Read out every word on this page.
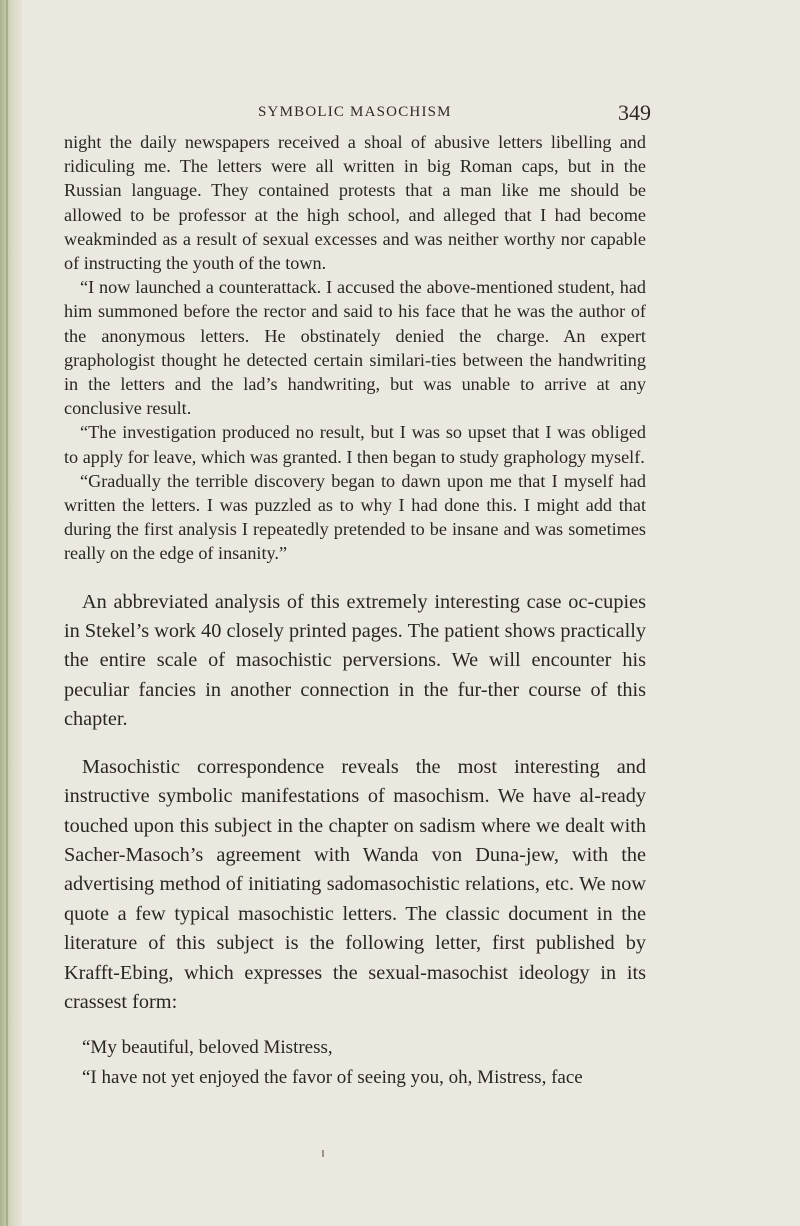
SYMBOLIC MASOCHISM	349

night the daily newspapers received a shoal of abusive letters libelling and ridiculing me. The letters were all written in big Roman caps, but in the Russian language. They contained protests that a man like me should be allowed to be professor at the high school, and alleged that I had become weakminded as a result of sexual excesses and was neither worthy nor capable of instructing the youth of the town.

“I now launched a counterattack. I accused the above-mentioned student, had him summoned before the rector and said to his face that he was the author of the anonymous letters. He obstinately denied the charge. An expert graphologist thought he detected certain similari-ties between the handwriting in the letters and the lad’s handwriting, but was unable to arrive at any conclusive result.

“The investigation produced no result, but I was so upset that I was obliged to apply for leave, which was granted. I then began to study graphology myself.

“Gradually the terrible discovery began to dawn upon me that I myself had written the letters. I was puzzled as to why I had done this. I might add that during the first analysis I repeatedly pretended to be insane and was sometimes really on the edge of insanity.”

An abbreviated analysis of this extremely interesting case oc-cupies in Stekel’s work 40 closely printed pages. The patient shows practically the entire scale of masochistic perversions. We will encounter his peculiar fancies in another connection in the fur-ther course of this chapter.

Masochistic correspondence reveals the most interesting and instructive symbolic manifestations of masochism. We have al-ready touched upon this subject in the chapter on sadism where we dealt with Sacher-Masoch’s agreement with Wanda von Duna-jew, with the advertising method of initiating sadomasochistic relations, etc. We now quote a few typical masochistic letters. The classic document in the literature of this subject is the following letter, first published by Krafft-Ebing, which expresses the sexual-masochist ideology in its crassest form:

“My beautiful, beloved Mistress,

“I have not yet enjoyed the favor of seeing you, oh, Mistress, face
